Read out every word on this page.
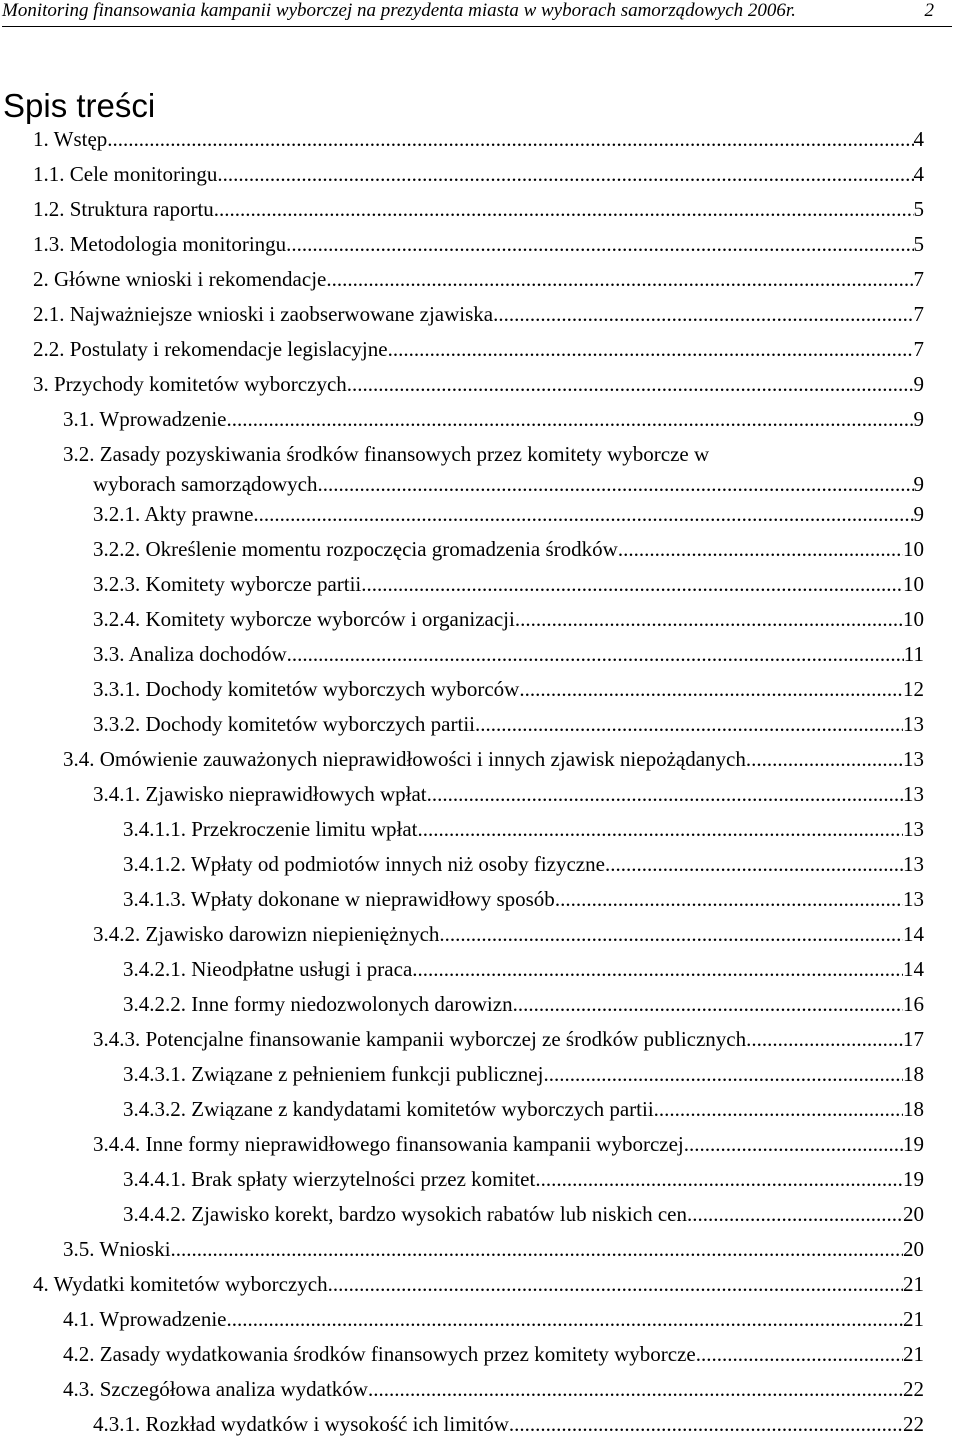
Monitoring finansowania kampanii wyborczej na prezydenta miasta w wyborach samorządowych 2006r.	2
Spis treści
1. Wstęp .....	4
1.1. Cele monitoringu .....	4
1.2. Struktura raportu .....	5
1.3. Metodologia monitoringu .....	5
2. Główne wnioski i rekomendacje .....	7
2.1. Najważniejsze wnioski i zaobserwowane zjawiska .....	7
2.2. Postulaty i rekomendacje legislacyjne .....	7
3. Przychody komitetów wyborczych .....	9
3.1. Wprowadzenie .....	9
3.2. Zasady pozyskiwania środków finansowych przez komitety wyborcze w
wyborach samorządowych .....	9
3.2.1. Akty prawne .....	9
3.2.2. Określenie momentu rozpoczęcia gromadzenia środków .....	10
3.2.3. Komitety wyborcze partii .....	10
3.2.4. Komitety wyborcze wyborców i organizacji .....	10
3.3. Analiza dochodów .....	11
3.3.1. Dochody komitetów wyborczych wyborców .....	12
3.3.2. Dochody komitetów wyborczych partii .....	13
3.4. Omówienie zauważonych nieprawidłowości i innych zjawisk niepożądanych .....	13
3.4.1. Zjawisko nieprawidłowych wpłat .....	13
3.4.1.1. Przekroczenie limitu wpłat .....	13
3.4.1.2. Wpłaty od podmiotów innych niż osoby fizyczne .....	13
3.4.1.3. Wpłaty dokonane w nieprawidłowy sposób .....	13
3.4.2. Zjawisko darowizn niepieniężnych .....	14
3.4.2.1. Nieodpłatne usługi i praca .....	14
3.4.2.2. Inne formy niedozwolonych darowizn .....	16
3.4.3. Potencjalne finansowanie kampanii wyborczej ze środków publicznych .....	17
3.4.3.1. Związane z pełnieniem funkcji publicznej .....	18
3.4.3.2. Związane z kandydatami komitetów wyborczych partii .....	18
3.4.4. Inne formy nieprawidłowego finansowania kampanii wyborczej .....	19
3.4.4.1. Brak spłaty wierzytelności przez komitet .....	19
3.4.4.2. Zjawisko korekt, bardzo wysokich rabatów lub niskich cen .....	20
3.5. Wnioski .....	20
4. Wydatki komitetów wyborczych .....	21
4.1. Wprowadzenie .....	21
4.2. Zasady wydatkowania środków finansowych przez komitety wyborcze .....	21
4.3. Szczegółowa analiza wydatków .....	22
4.3.1. Rozkład wydatków i wysokość ich limitów .....	22
